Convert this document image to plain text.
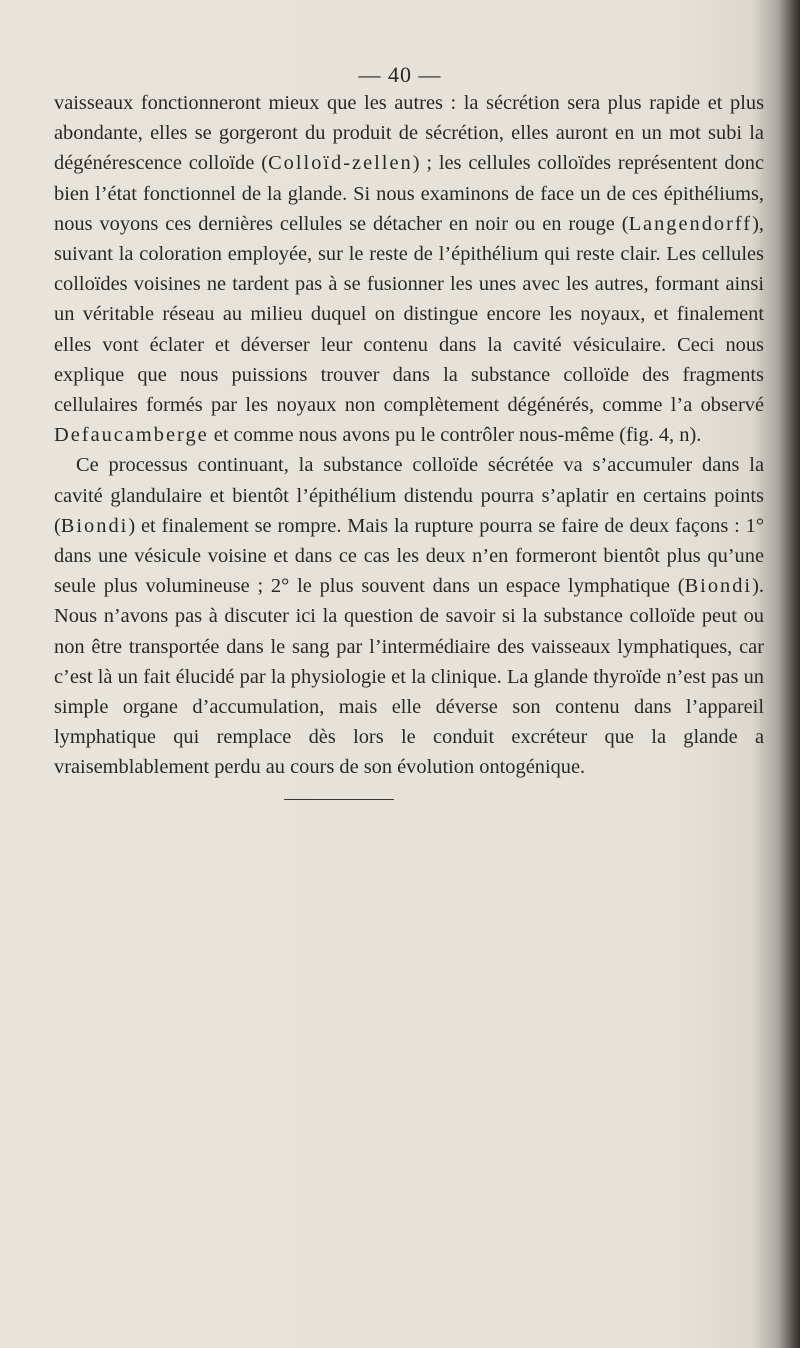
— 40 —

vaisseaux fonctionneront mieux que les autres : la sécrétion sera plus rapide et plus abondante, elles se gorgeront du produit de sécrétion, elles auront en un mot subi la dégénérescence colloïde (Colloïd-zellen) ; les cellules colloïdes représentent donc bien l’état fonctionnel de la glande. Si nous examinons de face un de ces épithéliums, nous voyons ces dernières cellules se détacher en noir ou en rouge (Langendorff), suivant la coloration employée, sur le reste de l’épithélium qui reste clair. Les cellules colloïdes voisines ne tardent pas à se fusionner les unes avec les autres, formant ainsi un véritable réseau au milieu duquel on distingue encore les noyaux, et finalement elles vont éclater et déverser leur contenu dans la cavité vésiculaire. Ceci nous explique que nous puissions trouver dans la substance colloïde des fragments cellulaires formés par les noyaux non complètement dégénérés, comme l’a observé Defaucamberge et comme nous avons pu le contrôler nous-même (fig. 4, n).

Ce processus continuant, la substance colloïde sécrétée va s’accumuler dans la cavité glandulaire et bientôt l’épithélium distendu pourra s’aplatir en certains points (Biondi) et finalement se rompre. Mais la rupture pourra se faire de deux façons : 1° dans une vésicule voisine et dans ce cas les deux n’en formeront bientôt plus qu’une seule plus volumineuse ; 2° le plus souvent dans un espace lymphatique (Biondi). Nous n’avons pas à discuter ici la question de savoir si la substance colloïde peut ou non être transportée dans le sang par l’intermédiaire des vaisseaux lymphatiques, car c’est là un fait élucidé par la physiologie et la clinique. La glande thyroïde n’est pas un simple organe d’accumulation, mais elle déverse son contenu dans l’appareil lymphatique qui remplace dès lors le conduit excréteur que la glande a vraisemblablement perdu au cours de son évolution ontogénique.
